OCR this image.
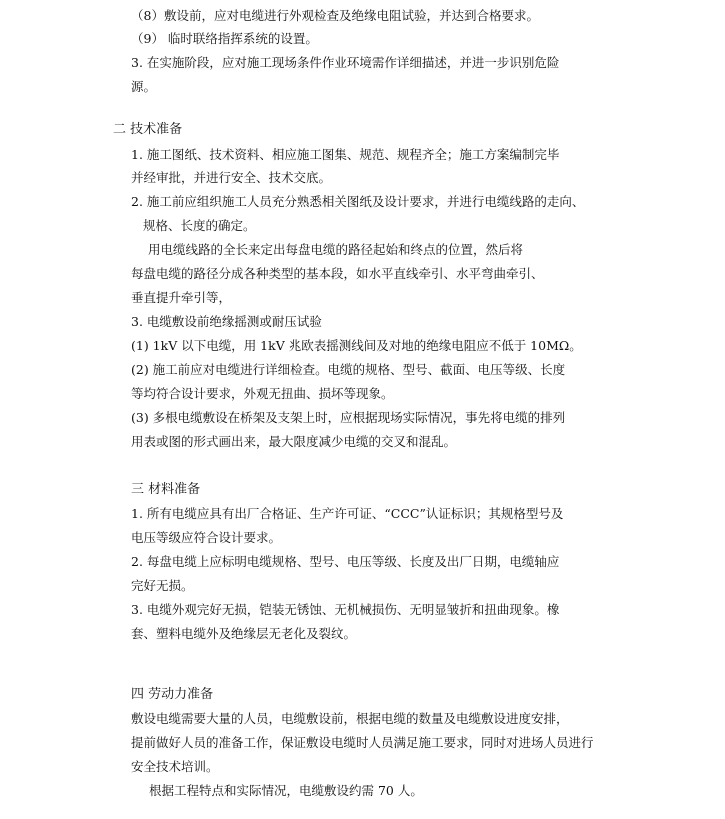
（8）敷设前，应对电缆进行外观检查及绝缘电阻试验，并达到合格要求。
（9） 临时联络指挥系统的设置。
3. 在实施阶段，应对施工现场条件作业环境需作详细描述，并进一步识别危险
源。
二 技术准备
1. 施工图纸、技术资料、相应施工图集、规范、规程齐全；施工方案编制完毕
并经审批，并进行安全、技术交底。
2. 施工前应组织施工人员充分熟悉相关图纸及设计要求，并进行电缆线路的走向、
规格、长度的确定。
用电缆线路的全长来定出每盘电缆的路径起始和终点的位置，然后将
每盘电缆的路径分成各种类型的基本段，如水平直线牵引、水平弯曲牵引、
垂直提升牵引等，
3. 电缆敷设前绝缘摇测或耐压试验
(1) 1kV 以下电缆，用 1kV 兆欧表摇测线间及对地的绝缘电阻应不低于 10MΩ。
(2) 施工前应对电缆进行详细检查。电缆的规格、型号、截面、电压等级、长度
等均符合设计要求，外观无扭曲、损坏等现象。
(3) 多根电缆敷设在桥架及支架上时，应根据现场实际情况，事先将电缆的排列
用表或图的形式画出来，最大限度减少电缆的交叉和混乱。
三 材料准备
1. 所有电缆应具有出厂合格证、生产许可证、“CCC”认证标识；其规格型号及
电压等级应符合设计要求。
2. 每盘电缆上应标明电缆规格、型号、电压等级、长度及出厂日期，电缆轴应
完好无损。
3. 电缆外观完好无损，铠装无锈蚀、无机械损伤、无明显皱折和扭曲现象。橡
套、塑料电缆外及绝缘层无老化及裂纹。
四 劳动力准备
敷设电缆需要大量的人员，电缆敷设前，根据电缆的数量及电缆敷设进度安排，
提前做好人员的准备工作，保证敷设电缆时人员满足施工要求，同时对进场人员进行
安全技术培训。
根据工程特点和实际情况，电缆敷设约需 70 人。
